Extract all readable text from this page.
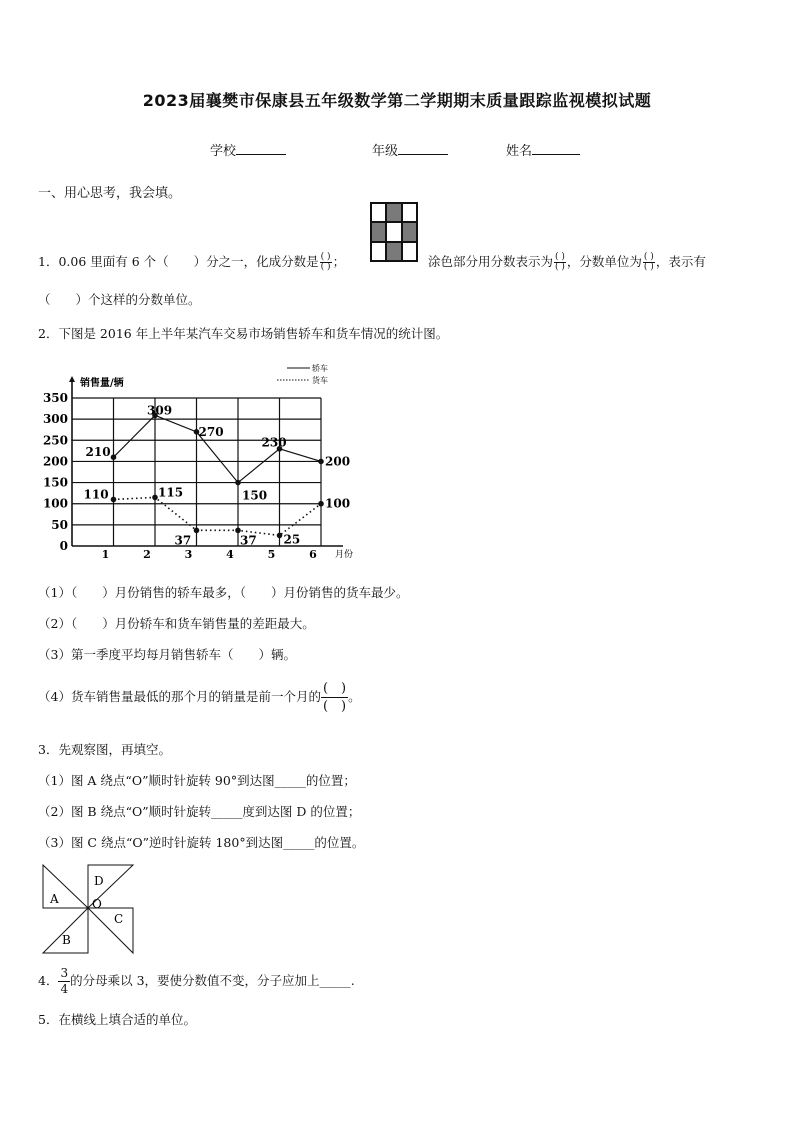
2023届襄樊市保康县五年级数学第二学期期末质量跟踪监视模拟试题
学校	年级	姓名
一、用心思考，我会填。
1．0.06 里面有 6 个（　　）分之一，化成分数是 $\frac{( )}{( )}$ ；	涂色部分用分数表示为 $\frac{( )}{( )}$ ，分数单位为 $\frac{( )}{( )}$ ，表示有
（　　）个这样的分数单位。
2．下图是 2016 年上半年某汽车交易市场销售轿车和货车情况的统计图。
0
50
100
150
200
250
300
350
1	2	3	4	5	6 月份
销售量/辆
轿车
货车
210
309
270
150
230
200
110	115
37	37 25
100
（1）（　　）月份销售的轿车最多，（　　）月份销售的货车最少。
（2）（　　）月份轿车和货车销售量的差距最大。
（3）第一季度平均每月销售轿车（　　）辆。
（4）货车销售量最低的那个月的销量是前一个月的 $\frac{( )}{( )}$ 。
3．先观察图，再填空。
（1）图 A 绕点“O”顺时针旋转 90°到达图_____的位置；
（2）图 B 绕点“O”顺时针旋转_____度到达图 D 的位置；
（3）图 C 绕点“O”逆时针旋转 180°到达图_____的位置。
A
D
C
B
O
4． $\frac{3}{4}$ 的分母乘以 3，要使分数值不变，分子应加上_____.
5．在横线上填合适的单位。
